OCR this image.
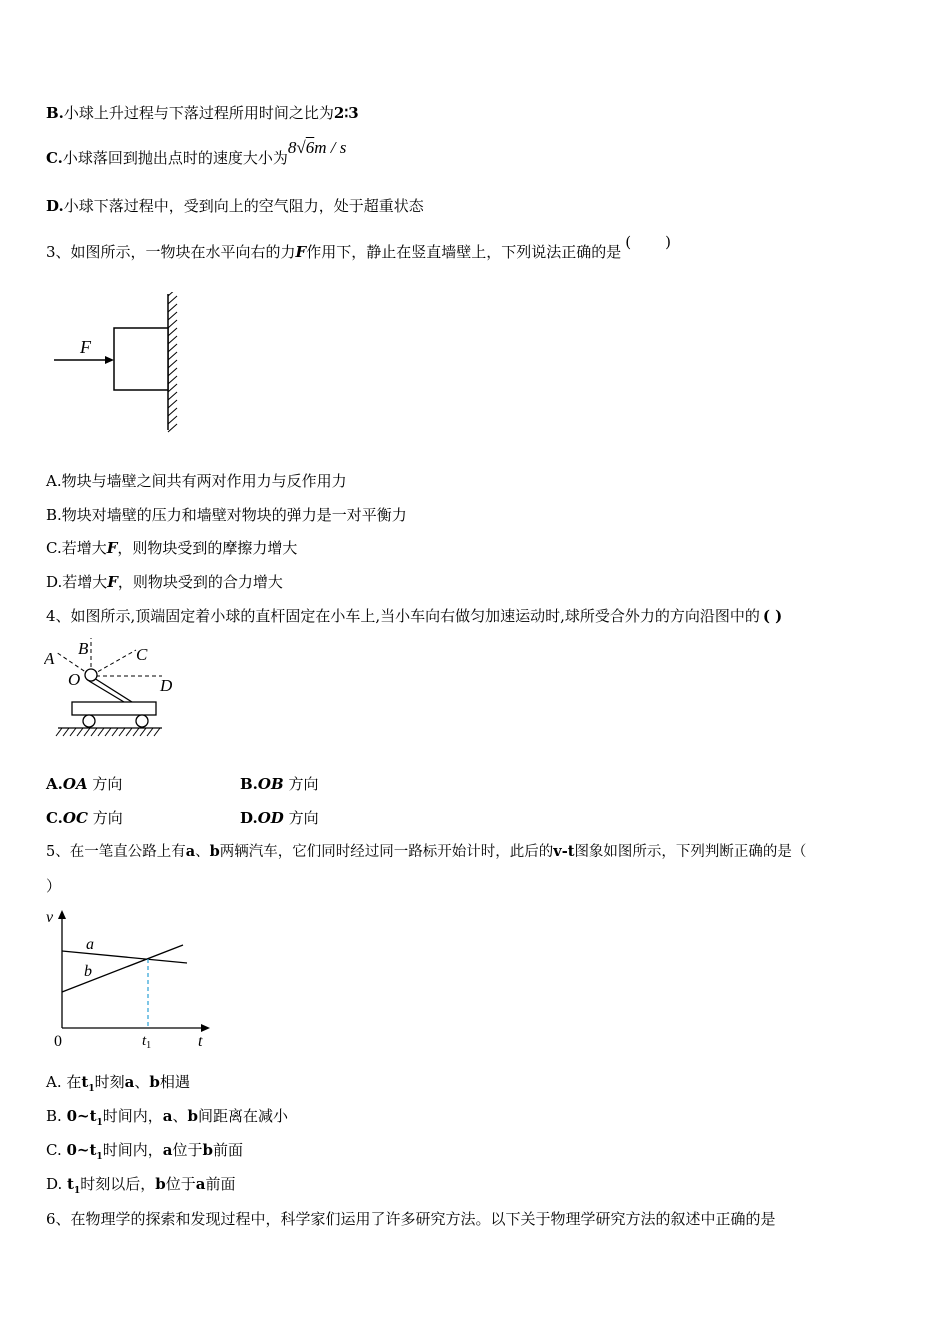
B.小球上升过程与下落过程所用时间之比为2∶3
C.小球落回到抛出点时的速度大小为8√6m / s
D.小球下落过程中，受到向上的空气阻力，处于超重状态
3、如图所示，一物块在水平向右的力F作用下，静止在竖直墙壁上，下列说法正确的是( )
F
A.物块与墙壁之间共有两对作用力与反作用力
B.物块对墙壁的压力和墙壁对物块的弹力是一对平衡力
C.若增大F，则物块受到的摩擦力增大
D.若增大F，则物块受到的合力增大
4、如图所示,顶端固定着小球的直杆固定在小车上,当小车向右做匀加速运动时,球所受合外力的方向沿图中的 ( )
A
B	C
D
O
A.OA 方向	B.OB 方向
C.OC 方向	D.OD 方向
5、在一笔直公路上有a、b两辆汽车，它们同时经过同一路标开始计时，此后的v-t图象如图所示，下列判断正确的是（
）
v
t
0
a
b
$t_1$
A. 在$t_1$时刻a、b相遇
B. $0\sim t_1$时间内，a、b间距离在减小
C. $0\sim t_1$时间内，a位于b前面
D. $t_1$时刻以后，b位于a前面
6、在物理学的探索和发现过程中，科学家们运用了许多研究方法。以下关于物理学研究方法的叙述中正确的是
